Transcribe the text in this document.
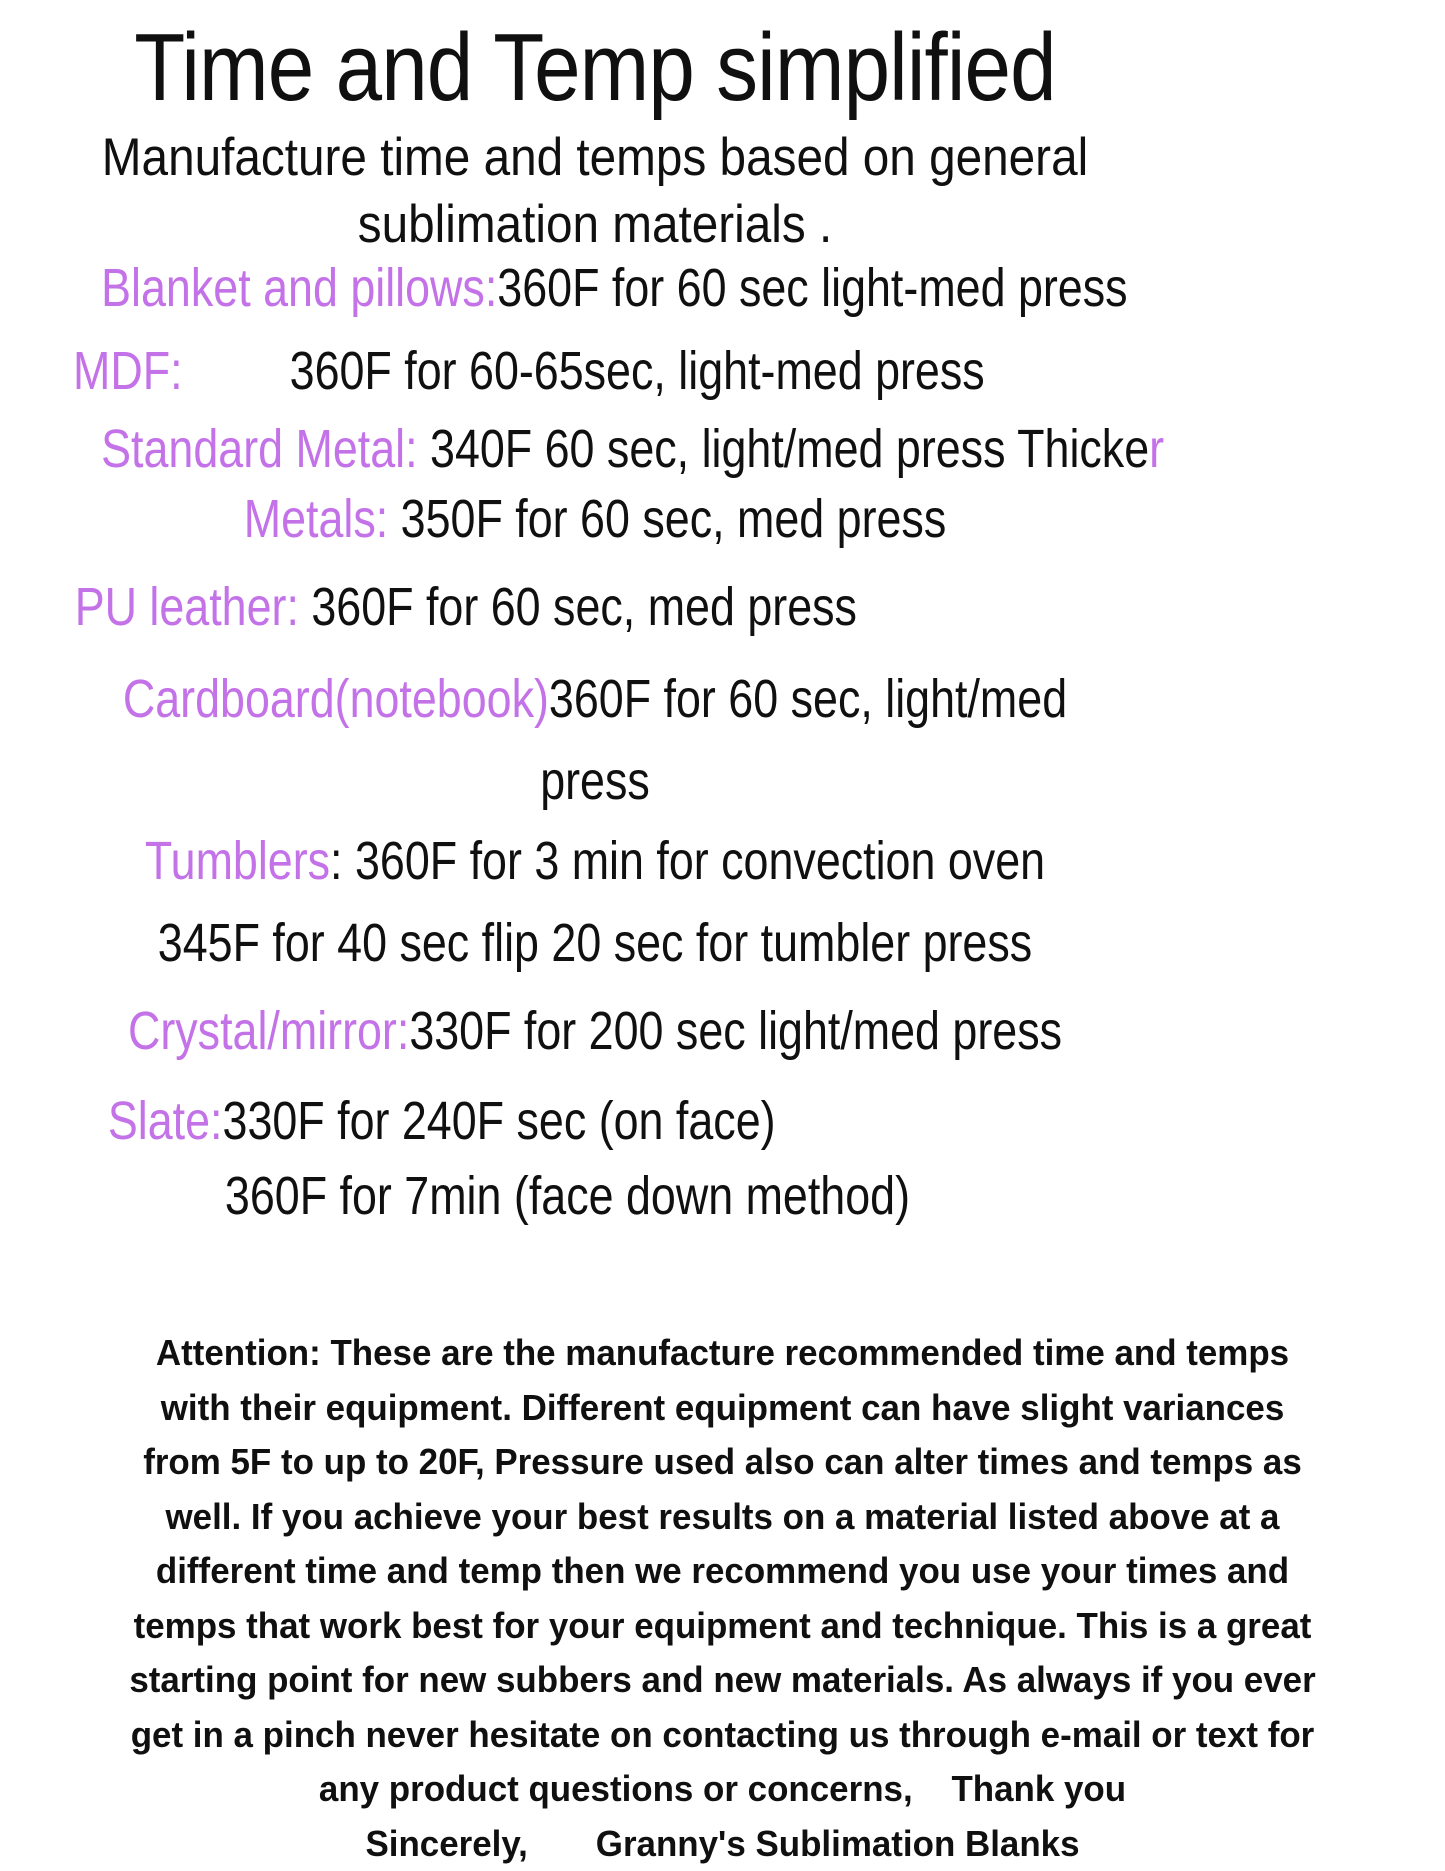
Time and Temp simplified
Manufacture time and temps based on general
sublimation materials .
Blanket and pillows:360F for 60 sec light-med press
MDF: 360F for 60-65sec, light-med press
Standard Metal: 340F 60 sec, light/med press Thicker
Metals: 350F for 60 sec, med press
PU leather: 360F for 60 sec, med press
Cardboard(notebook)360F for 60 sec, light/med
press
Tumblers: 360F for 3 min for convection oven
345F for 40 sec flip 20 sec for tumbler press
Crystal/mirror:330F for 200 sec light/med press
Slate:330F for 240F sec (on face)
360F for 7min (face down method)
Attention: These are the manufacture recommended time and temps
with their equipment. Different equipment can have slight variances
from 5F to up to 20F, Pressure used also can alter times and temps as
well. If you achieve your best results on a material listed above at a
different time and temp then we recommend you use your times and
temps that work best for your equipment and technique. This is a great
starting point for new subbers and new materials. As always if you ever
get in a pinch never hesitate on contacting us through e-mail or text for
any product questions or concerns,    Thank you
Sincerely,       Granny's Sublimation Blanks
